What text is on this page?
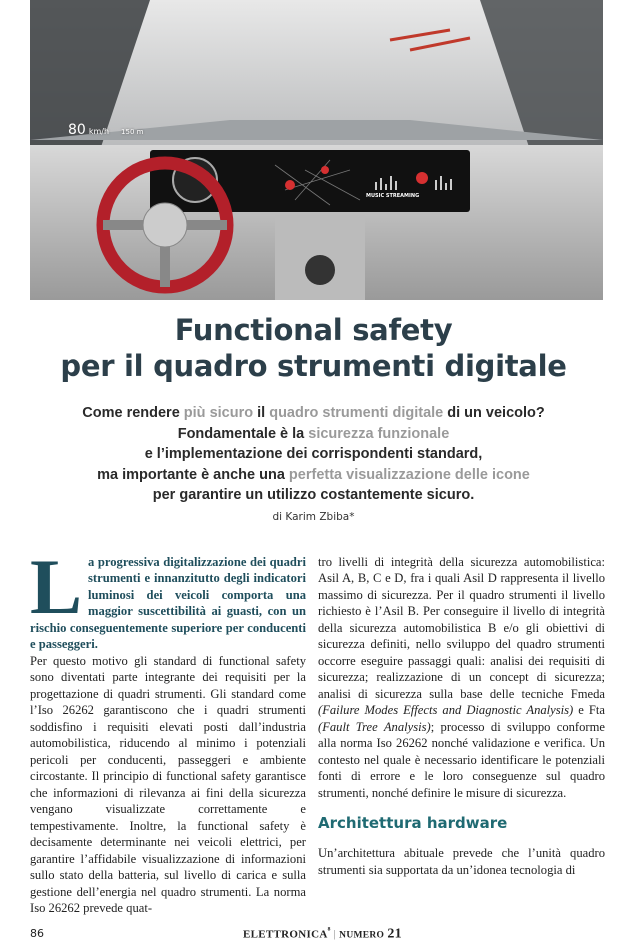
80 km/h 150 m
MUSIC STREAMING
Functional safety
per il quadro strumenti digitale
Come rendere più sicuro il quadro strumenti digitale di un veicolo?
Fondamentale è la sicurezza funzionale
e l’implementazione dei corrispondenti standard,
ma importante è anche una perfetta visualizzazione delle icone
per garantire un utilizzo costantemente sicuro.
di Karim Zbiba*
L a progressiva digitalizzazione dei quadri strumenti e innanzitutto degli indicatori luminosi dei veicoli comporta una maggior suscettibilità ai guasti, con un rischio conseguentemente superiore per conducenti e passeggeri.

Per questo motivo gli standard di functional safety sono diventati parte integrante dei requisiti per la progettazione di quadri strumenti. Gli standard come l’Iso 26262 garantiscono che i quadri strumenti soddisfino i requisiti elevati posti dall’industria automobilistica, riducendo al minimo i potenziali pericoli per conducenti, passeggeri e ambiente circostante. Il principio di functional safety garantisce che informazioni di rilevanza ai fini della sicurezza vengano visualizzate correttamente e tempestivamente. Inoltre, la functional safety è decisamente determinante nei veicoli elettrici, per garantire l’affidabile visualizzazione di informazioni sullo stato della batteria, sul livello di carica e sulla gestione dell’energia nel quadro strumenti. La norma Iso 26262 prevede quat-

tro livelli di integrità della sicurezza automobilistica: Asil A, B, C e D, fra i quali Asil D rappresenta il livello massimo di sicurezza. Per il quadro strumenti il livello richiesto è l’Asil B. Per conseguire il livello di integrità della sicurezza automobilistica B e/o gli obiettivi di sicurezza definiti, nello sviluppo del quadro strumenti occorre eseguire passaggi quali: analisi dei requisiti di sicurezza; realizzazione di un concept di sicurezza; analisi di sicurezza sulla base delle tecniche Fmeda (Failure Modes Effects and Diagnostic Analysis) e Fta (Fault Tree Analysis); processo di sviluppo conforme alla norma Iso 26262 nonché validazione e verifica. Un contesto nel quale è necessario identificare le potenziali fonti di errore e le loro conseguenze sul quadro strumenti, nonché definire le misure di sicurezza.

Architettura hardware

Un’architettura abituale prevede che l’unità quadro strumenti sia supportata da un’idonea tecnologia di

86	$ELETTRONICA^{^8}$ | NUMERO 21
